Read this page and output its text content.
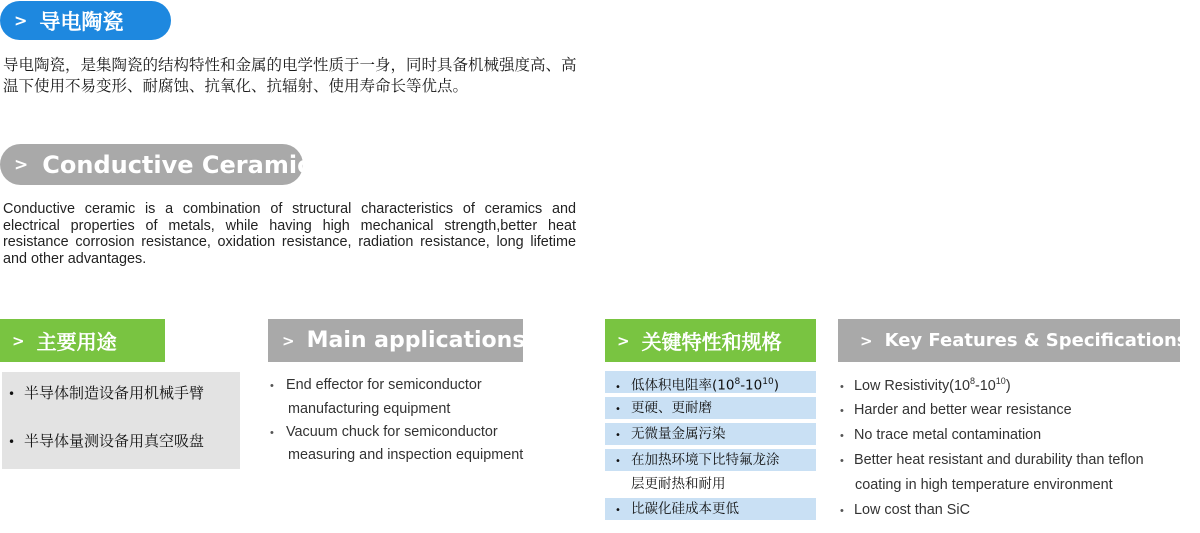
> 导电陶瓷

导电陶瓷，是集陶瓷的结构特性和金属的电学性质于一身，同时具备机械强度高、高温下使用不易变形、耐腐蚀、抗氧化、抗辐射、使用寿命长等优点。

> Conductive Ceramics

Conductive ceramic is a combination of structural characteristics of ceramics and electrical properties of metals, while having high mechanical strength,better heat resistance corrosion resistance, oxidation resistance, radiation resistance, long lifetime and other advantages.

> 主要用途	> Main applications	> 关键特性和规格	> Key Features & Specifications
• 半导体制造设备用机械手臂
• 半导体量测设备用真空吸盘
• End effector for semiconductor
manufacturing equipment
• Vacuum chuck for semiconductor
measuring and inspection equipment
• 低体积电阻率$(10^8-10^{10})$
• 更硬、更耐磨
• 无微量金属污染
• 在加热环境下比特氟龙涂
层更耐热和耐用
• 比碳化硅成本更低
• Low $Resistivity(10^8-10^{10})$
• Harder and better wear resistance
• No trace metal contamination
• Better heat resistant and durability than teflon
coating in high temperature environment
• Low cost than SiC
